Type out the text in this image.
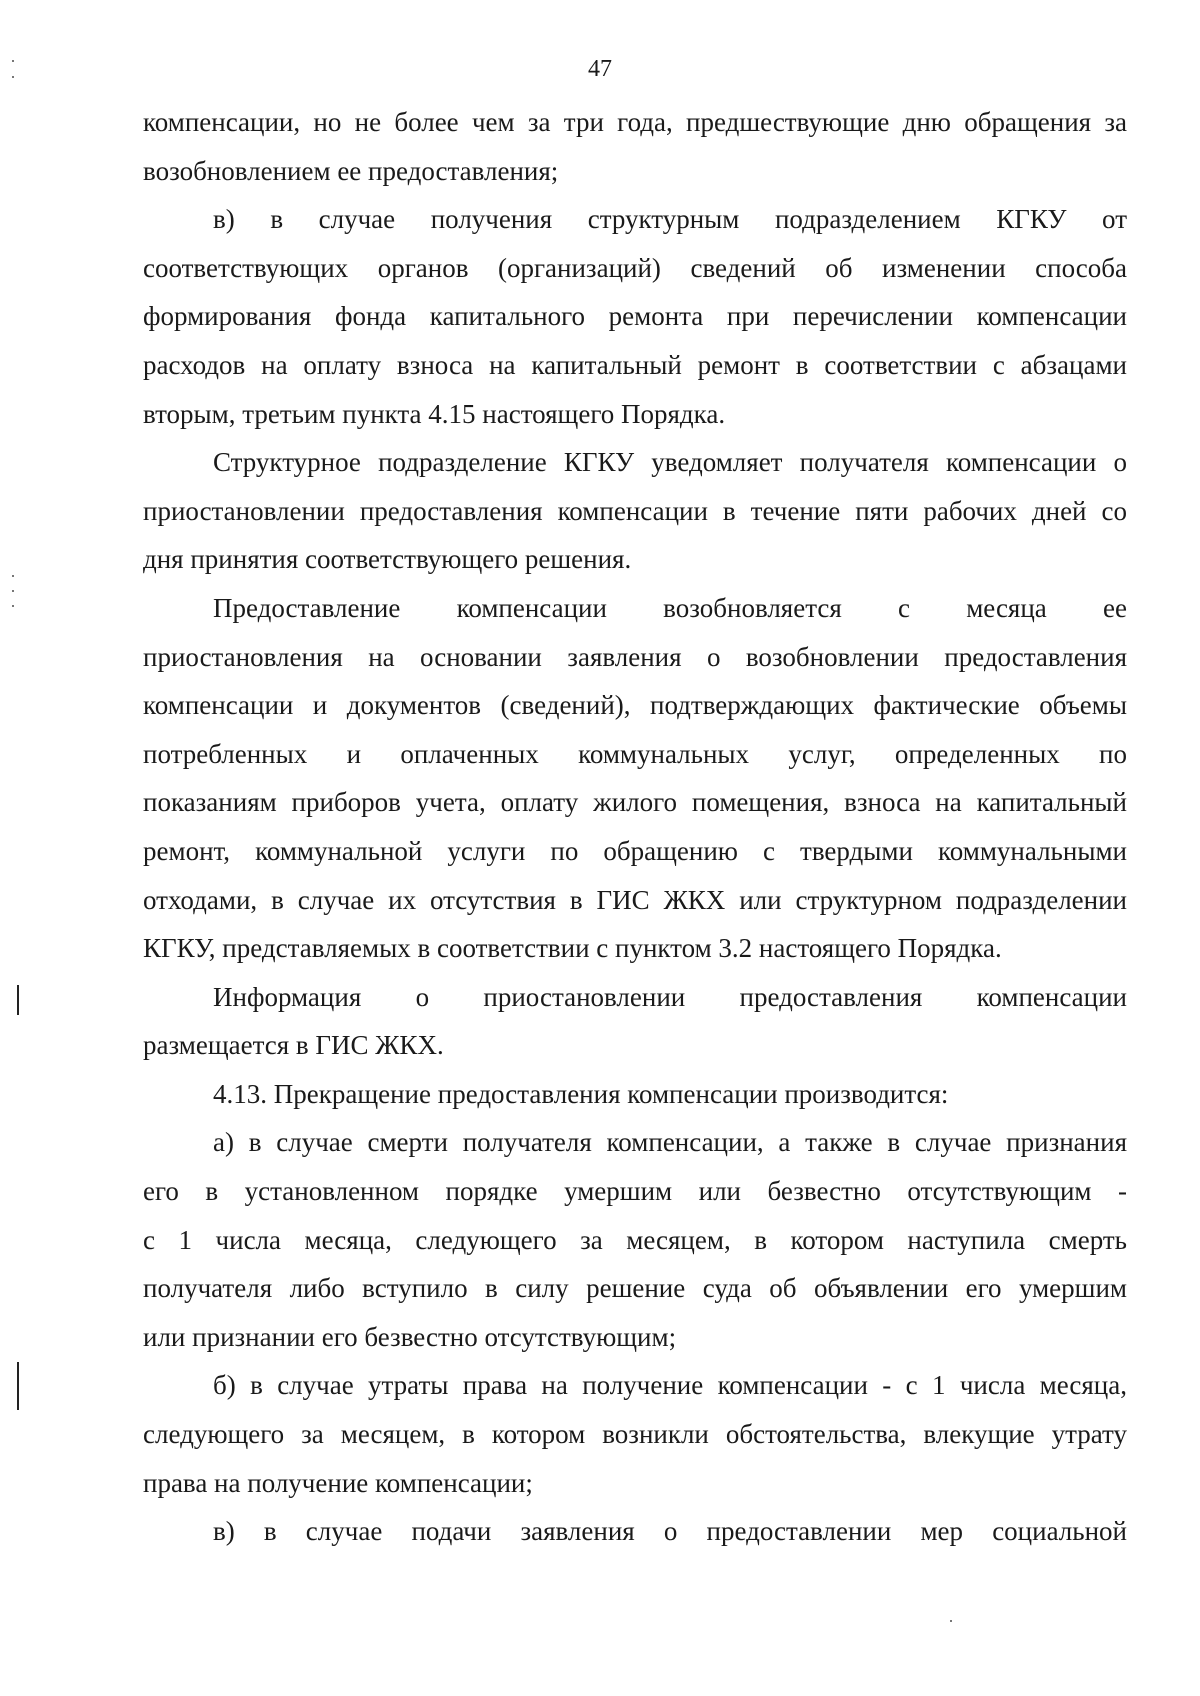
47
компенсации, но не более чем за три года, предшествующие дню обращения за
возобновлением ее предоставления;
в) в случае получения структурным подразделением КГКУ от
соответствующих органов (организаций) сведений об изменении способа
формирования фонда капитального ремонта при перечислении компенсации
расходов на оплату взноса на капитальный ремонт в соответствии с абзацами
вторым, третьим пункта 4.15 настоящего Порядка.
Структурное подразделение КГКУ уведомляет получателя компенсации о
приостановлении предоставления компенсации в течение пяти рабочих дней со
дня принятия соответствующего решения.
Предоставление компенсации возобновляется с месяца ее
приостановления на основании заявления о возобновлении предоставления
компенсации и документов (сведений), подтверждающих фактические объемы
потребленных и оплаченных коммунальных услуг, определенных по
показаниям приборов учета, оплату жилого помещения, взноса на капитальный
ремонт, коммунальной услуги по обращению с твердыми коммунальными
отходами, в случае их отсутствия в ГИС ЖКХ или структурном подразделении
КГКУ, представляемых в соответствии с пунктом 3.2 настоящего Порядка.
Информация о приостановлении предоставления компенсации
размещается в ГИС ЖКХ.
4.13. Прекращение предоставления компенсации производится:
а) в случае смерти получателя компенсации, а также в случае признания
его в установленном порядке умершим или безвестно отсутствующим -
с 1 числа месяца, следующего за месяцем, в котором наступила смерть
получателя либо вступило в силу решение суда об объявлении его умершим
или признании его безвестно отсутствующим;
б) в случае утраты права на получение компенсации - с 1 числа месяца,
следующего за месяцем, в котором возникли обстоятельства, влекущие утрату
права на получение компенсации;
в) в случае подачи заявления о предоставлении мер социальной
